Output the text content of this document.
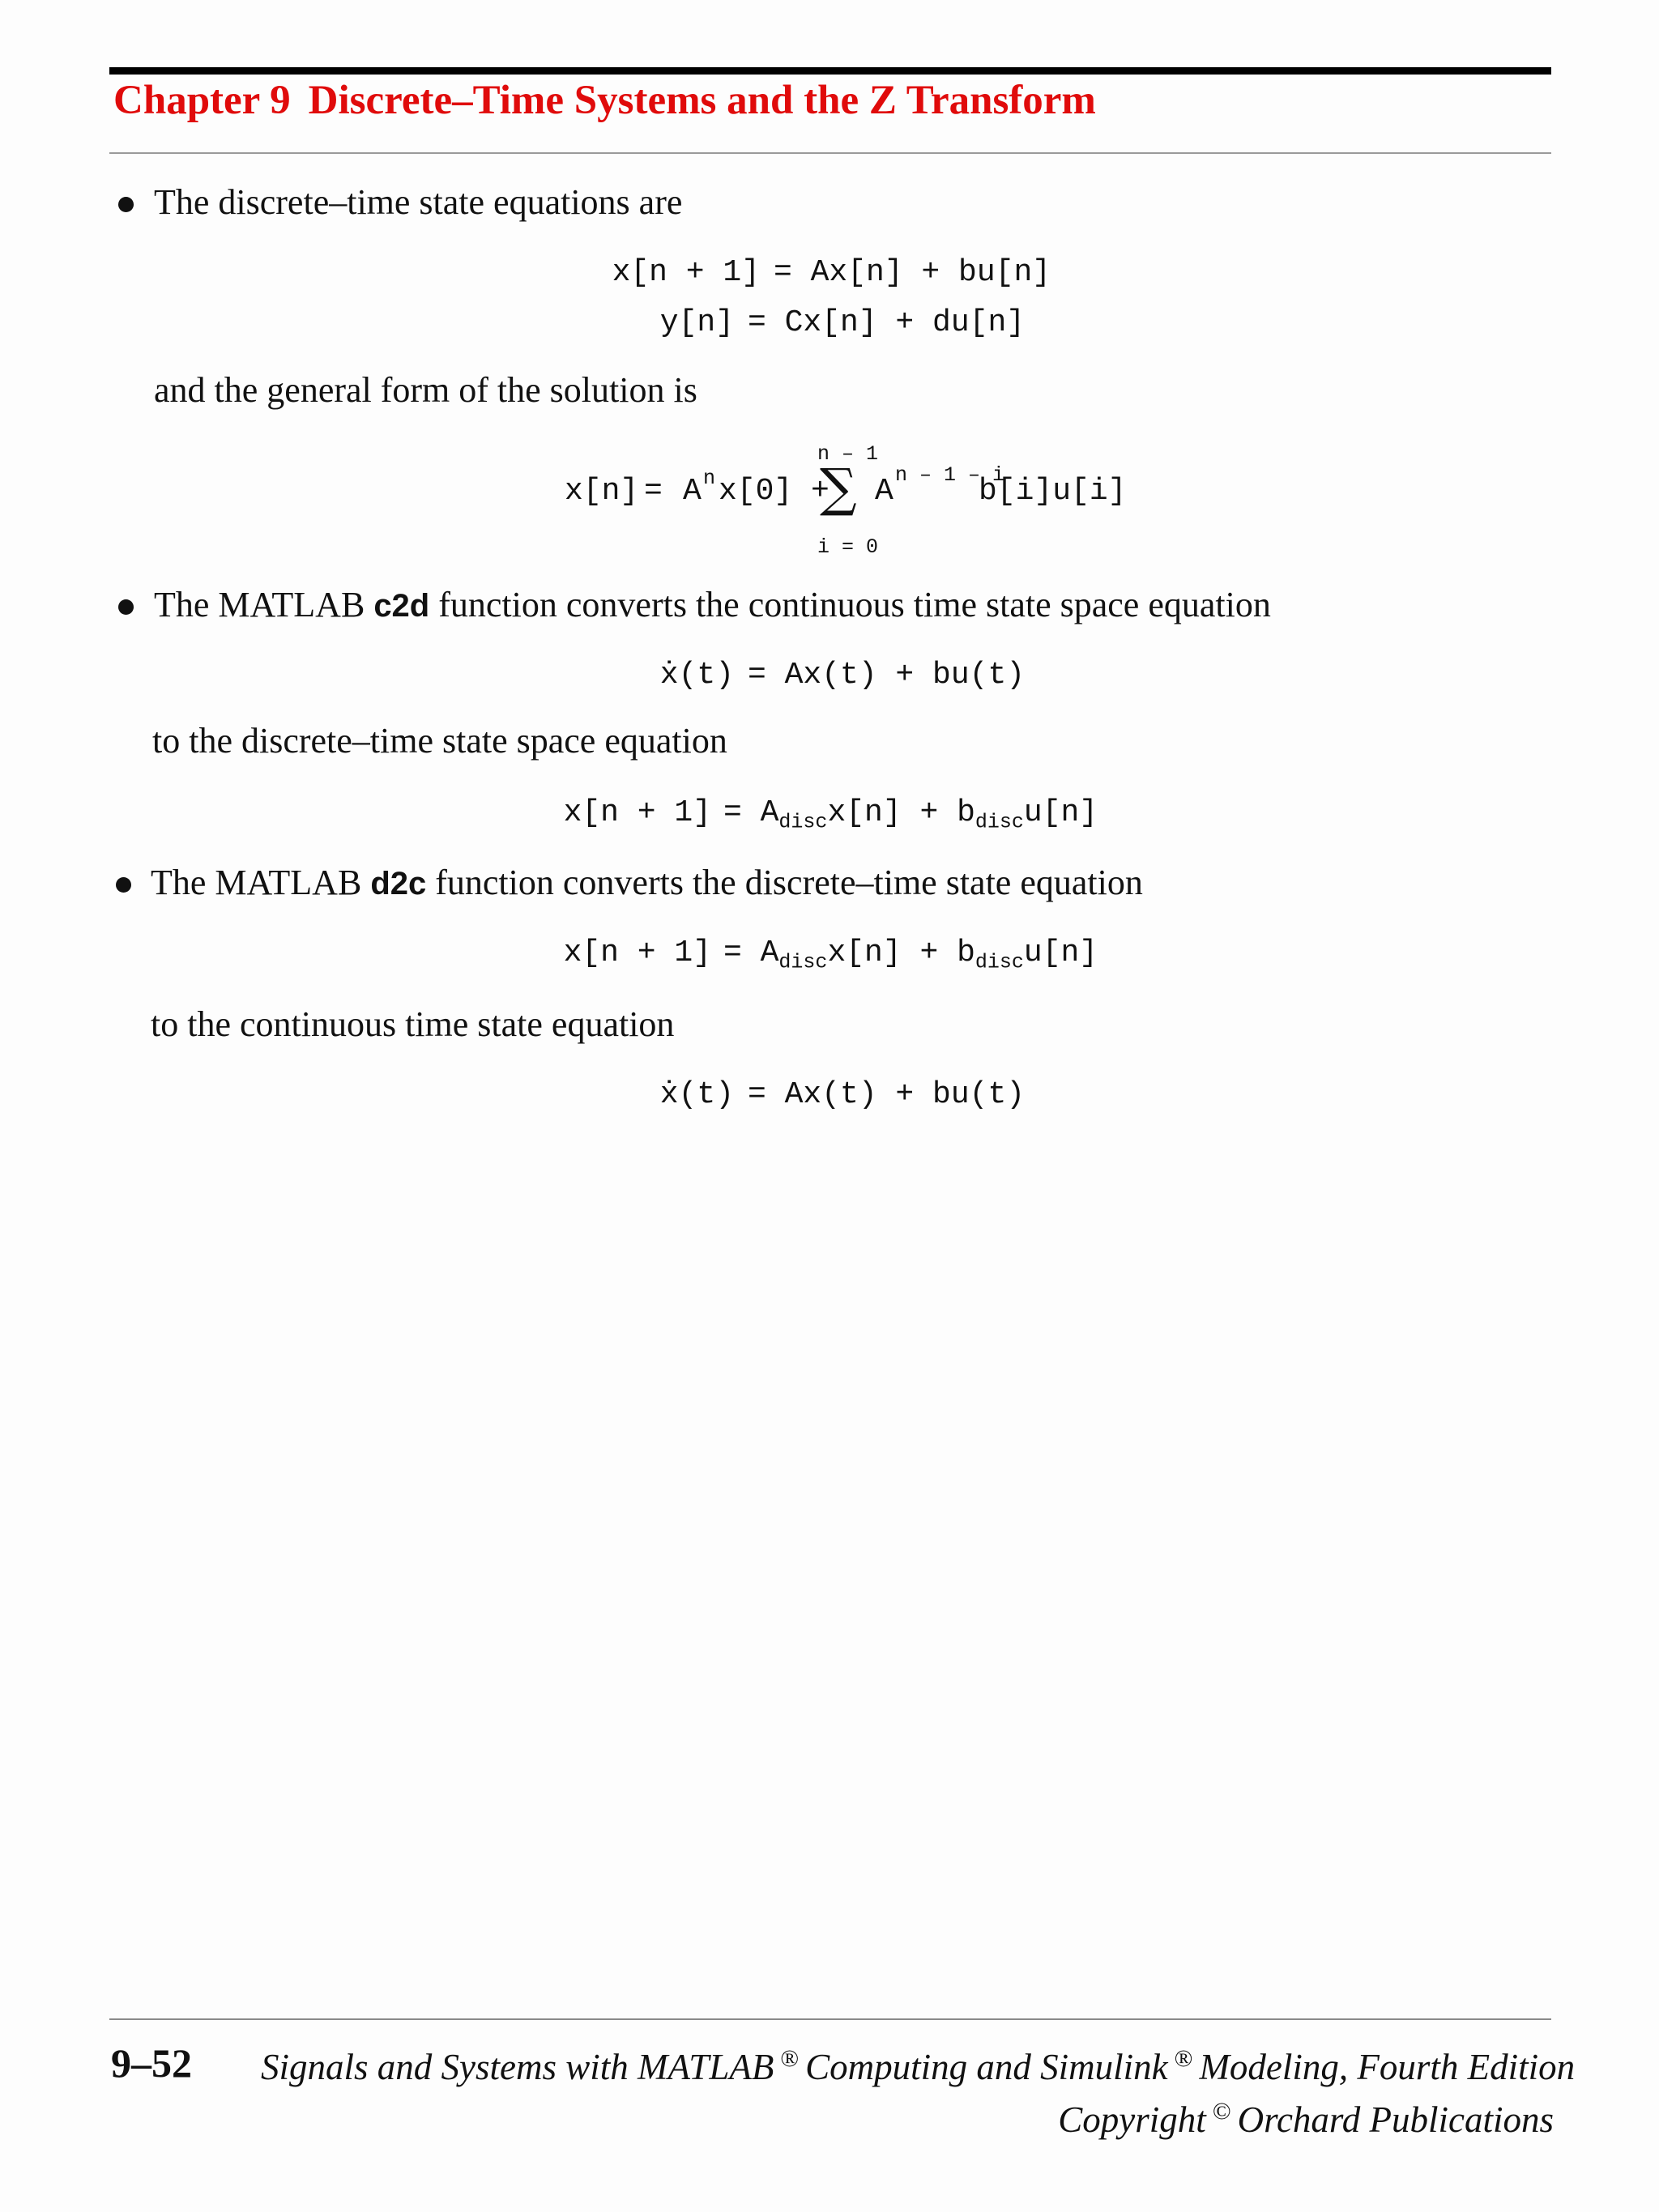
Chapter 9 Discrete–Time Systems and the Z Transform
The discrete–time state equations are
x[n + 1] = Ax[n] + bu[n]
y[n] = Cx[n] + du[n]
and the general form of the solution is
x[n] = A n x[0] +
n – 1
∑
i = 0
A n – 1 – i
b[i]u[i]
The MATLAB c2d function converts the continuous time state space equation
ẋ(t) = Ax(t) + bu(t)
to the discrete–time state space equation
$x[n + 1] = A_{disc}x[n] + b_{disc}u[n]$
The MATLAB d2c function converts the discrete–time state equation
$x[n + 1] = A_{disc}x[n] + b_{disc}u[n]$
to the continuous time state equation
ẋ(t) = Ax(t) + bu(t)
9–52 Signals and Systems with MATLAB ® Computing and Simulink ® Modeling, Fourth Edition
Copyright © Orchard Publications
